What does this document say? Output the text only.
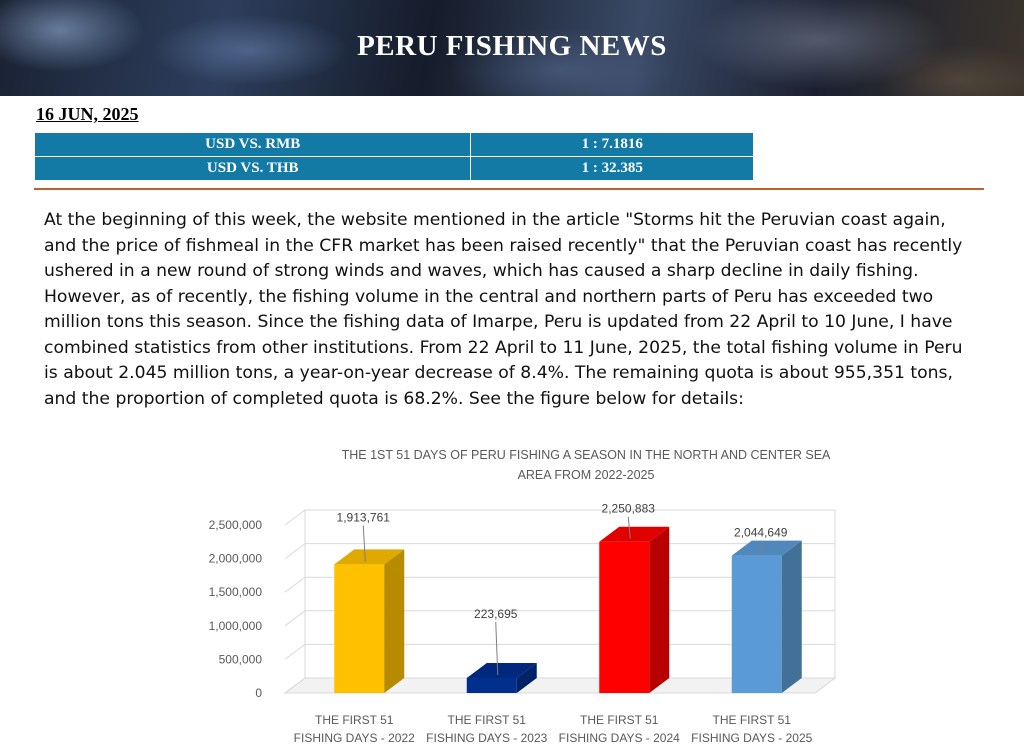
PERU FISHING NEWS
16 JUN, 2025
USD VS. RMB	1 : 7.1816
USD VS. THB	1 : 32.385

At the beginning of this week, the website mentioned in the article "Storms hit the Peruvian coast again, and the price of fishmeal in the CFR market has been raised recently" that the Peruvian coast has recently ushered in a new round of strong winds and waves, which has caused a sharp decline in daily fishing. However, as of recently, the fishing volume in the central and northern parts of Peru has exceeded two million tons this season. Since the fishing data of Imarpe, Peru is updated from 22 April to 10 June, I have combined statistics from other institutions. From 22 April to 11 June, 2025, the total fishing volume in Peru is about 2.045 million tons, a year-on-year decrease of 8.4%. The remaining quota is about 955,351 tons, and the proportion of completed quota is 68.2%. See the figure below for details:

THE 1ST 51 DAYS OF PERU FISHING A SEASON IN THE NORTH AND CENTER SEA
AREA FROM 2022-2025
0
500,000
1,000,000
1,500,000
2,000,000
2,500,000
1,913,761
THE FIRST 51
FISHING DAYS - 2022
223,695
THE FIRST 51
FISHING DAYS - 2023
2,250,883
THE FIRST 51
FISHING DAYS - 2024
2,044,649
THE FIRST 51
FISHING DAYS - 2025
